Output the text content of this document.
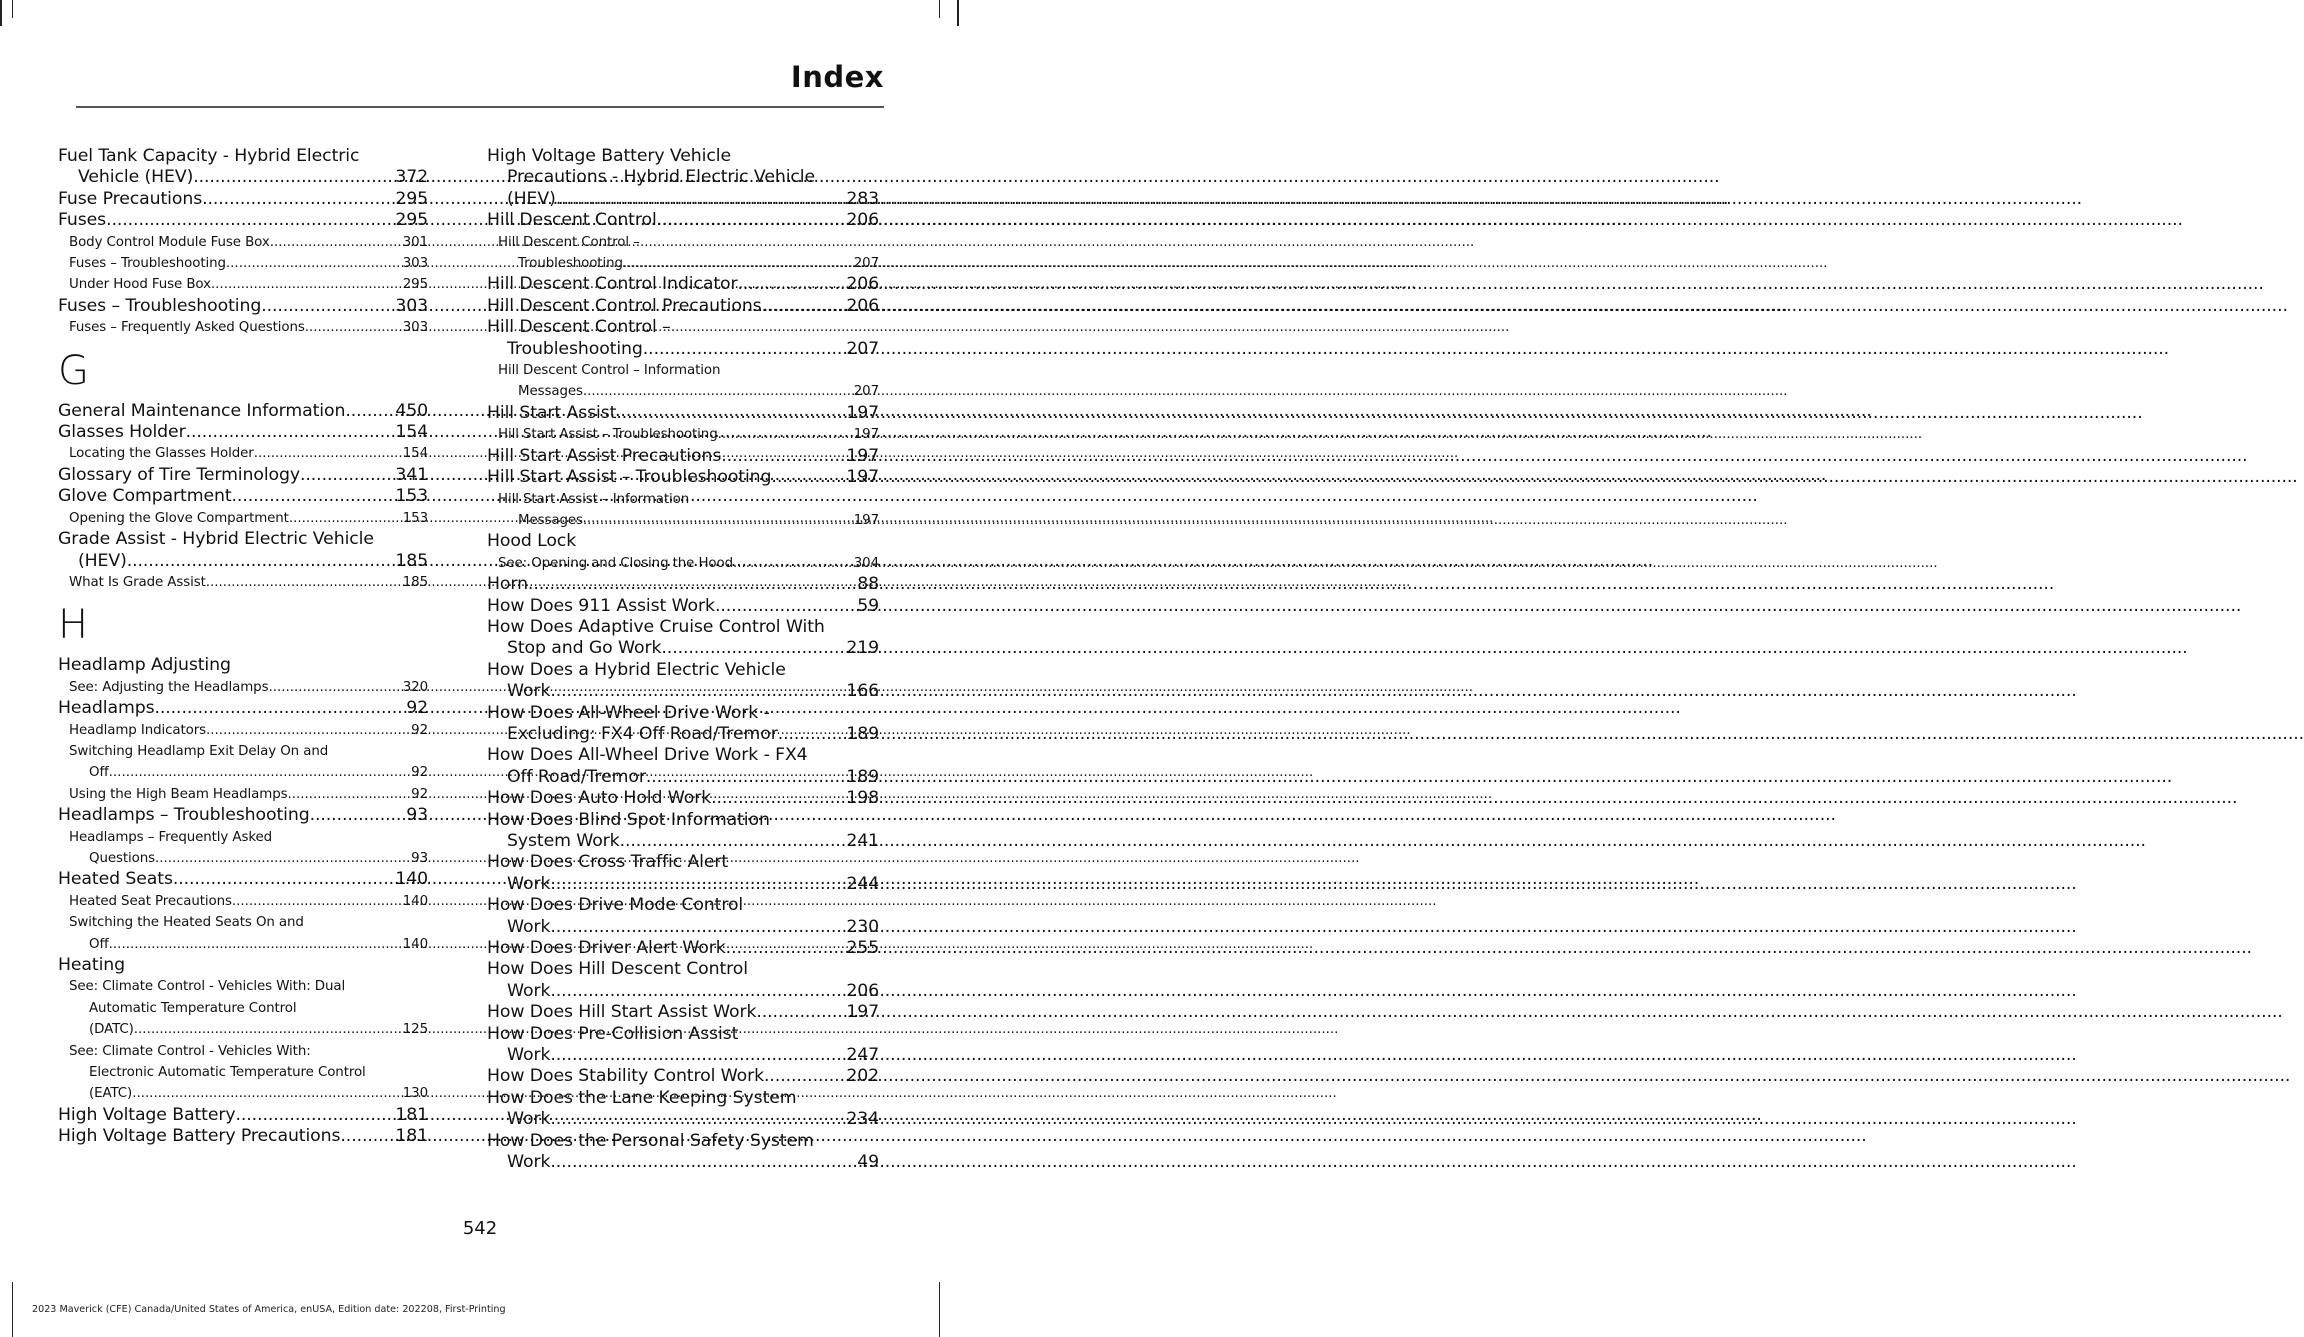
Index
Fuel Tank Capacity - Hybrid Electric
Vehicle (HEV) .....	372
Fuse Precautions .....	295
Fuses .....	295
Body Control Module Fuse Box .....	301
Fuses – Troubleshooting .....	303
Under Hood Fuse Box .....	295
Fuses – Troubleshooting .....	303
Fuses – Frequently Asked Questions .....	303
G
General Maintenance Information .....	450
Glasses Holder .....	154
Locating the Glasses Holder .....	154
Glossary of Tire Terminology .....	341
Glove Compartment .....	153
Opening the Glove Compartment .....	153
Grade Assist - Hybrid Electric Vehicle
(HEV) .....	185
What Is Grade Assist .....	185
H
Headlamp Adjusting
See: Adjusting the Headlamps .....	320
Headlamps .....	92
Headlamp Indicators .....	92
Switching Headlamp Exit Delay On and
Off .....	92
Using the High Beam Headlamps .....	92
Headlamps – Troubleshooting .....	93
Headlamps – Frequently Asked
Questions .....	93
Heated Seats .....	140
Heated Seat Precautions .....	140
Switching the Heated Seats On and
Off .....	140
Heating
See: Climate Control - Vehicles With: Dual
Automatic Temperature Control
(DATC) .....	125
See: Climate Control - Vehicles With:
Electronic Automatic Temperature Control
(EATC) .....	130
High Voltage Battery .....	181
High Voltage Battery Precautions .....	181
High Voltage Battery Vehicle
Precautions - Hybrid Electric Vehicle
(HEV) .....	283
Hill Descent Control .....	206
Hill Descent Control –
Troubleshooting .....	207
Hill Descent Control Indicator .....	206
Hill Descent Control Precautions .....	206
Hill Descent Control –
Troubleshooting .....	207
Hill Descent Control – Information
Messages .....	207
Hill Start Assist .....	197
Hill Start Assist – Troubleshooting .....	197
Hill Start Assist Precautions .....	197
Hill Start Assist – Troubleshooting .....	197
Hill Start Assist – Information
Messages .....	197
Hood Lock
See: Opening and Closing the Hood .....	304
Horn .....	88
How Does 911 Assist Work .....	59
How Does Adaptive Cruise Control With
Stop and Go Work .....	219
How Does a Hybrid Electric Vehicle
Work .....	166
How Does All-Wheel Drive Work -
Excluding: FX4 Off Road/Tremor .....	189
How Does All-Wheel Drive Work - FX4
Off Road/Tremor .....	189
How Does Auto Hold Work .....	198
How Does Blind Spot Information
System Work .....	241
How Does Cross Traffic Alert
Work .....	244
How Does Drive Mode Control
Work .....	230
How Does Driver Alert Work .....	255
How Does Hill Descent Control
Work .....	206
How Does Hill Start Assist Work .....	197
How Does Pre-Collision Assist
Work .....	247
How Does Stability Control Work .....	202
How Does the Lane Keeping System
Work .....	234
How Does the Personal Safety System
Work .....	49
542
2023 Maverick (CFE) Canada/United States of America, enUSA, Edition date: 202208, First-Printing
